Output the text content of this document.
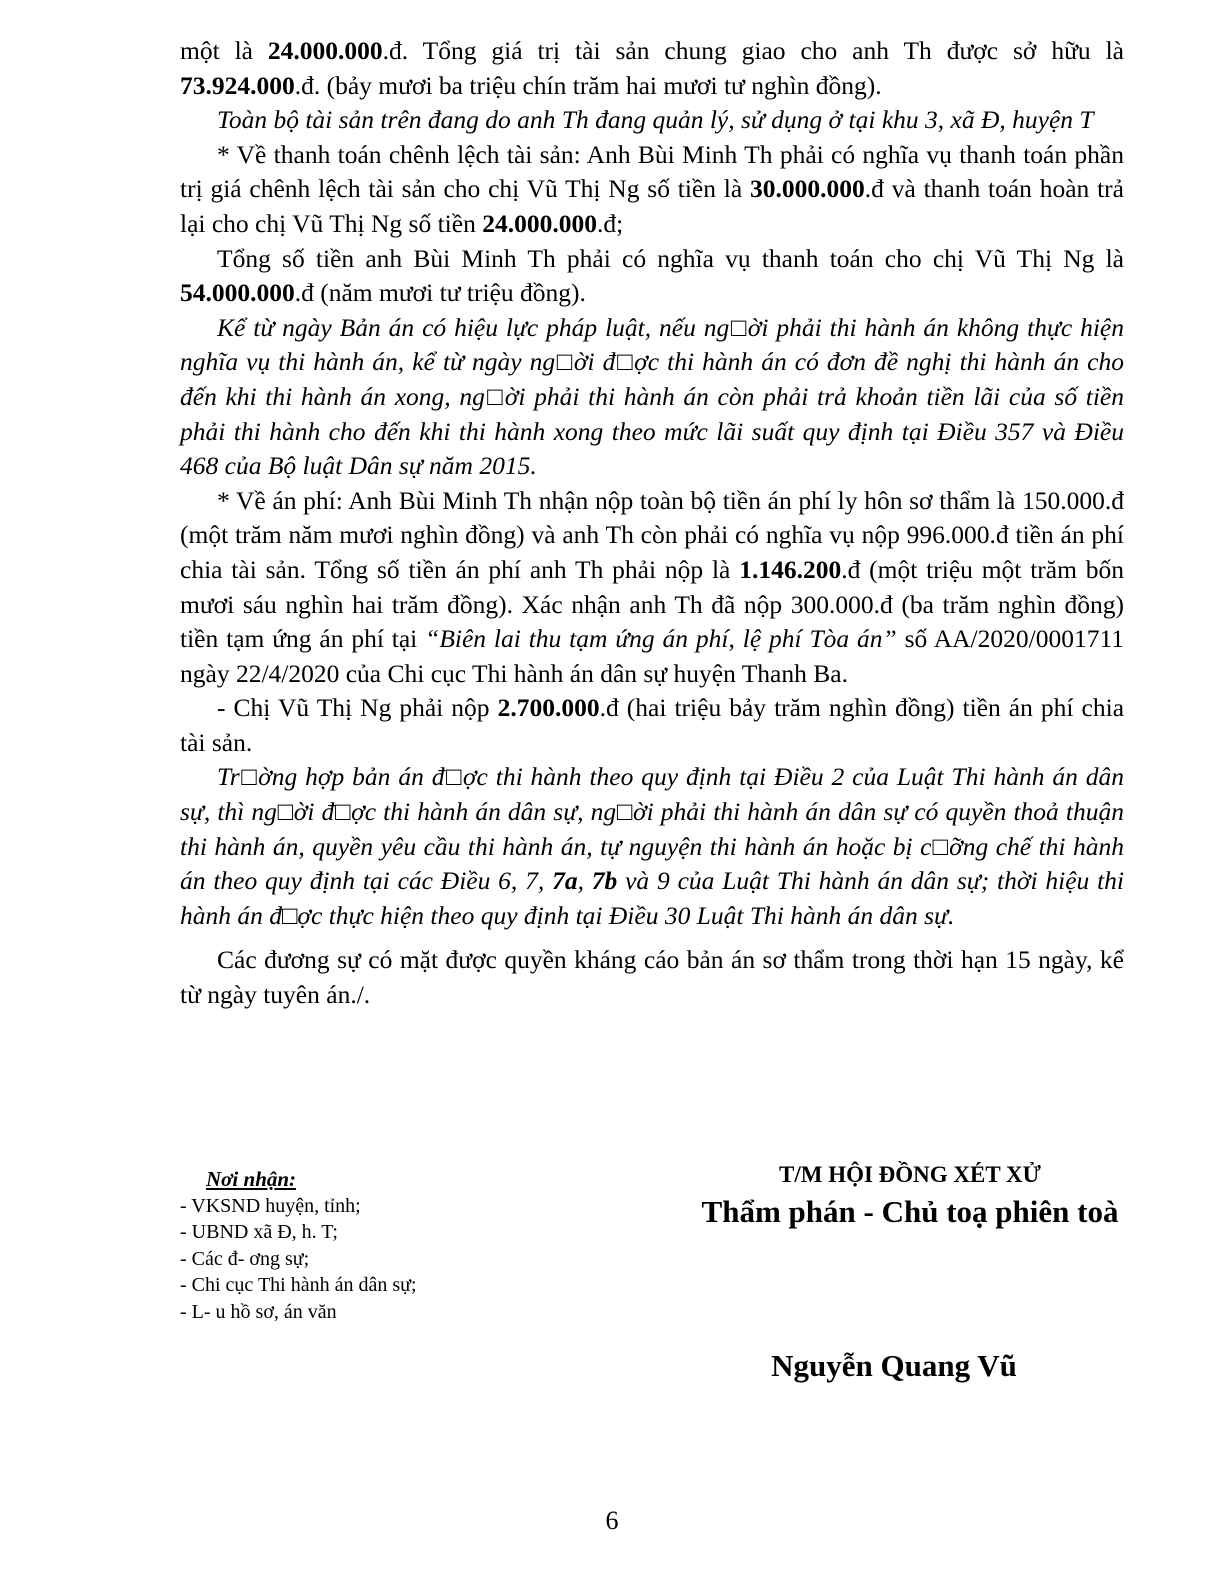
một là 24.000.000.đ. Tổng giá trị tài sản chung giao cho anh Th được sở hữu là 73.924.000.đ. (bảy mươi ba triệu chín trăm hai mươi tư nghìn đồng).

Toàn bộ tài sản trên đang do anh Th đang quản lý, sử dụng ở tại khu 3, xã Đ, huyện T

* Về thanh toán chênh lệch tài sản: Anh Bùi Minh Th phải có nghĩa vụ thanh toán phần trị giá chênh lệch tài sản cho chị Vũ Thị Ng số tiền là 30.000.000.đ và thanh toán hoàn trả lại cho chị Vũ Thị Ng số tiền 24.000.000.đ;

Tổng số tiền anh Bùi Minh Th phải có nghĩa vụ thanh toán cho chị Vũ Thị Ng là 54.000.000.đ (năm mươi tư triệu đồng).

Kể từ ngày Bản án có hiệu lực pháp luật, nếu ng□ời phải thi hành án không thực hiện nghĩa vụ thi hành án, kể từ ngày ng□ời đ□ợc thi hành án có đơn đề nghị thi hành án cho đến khi thi hành án xong, ng□ời phải thi hành án còn phải trả khoản tiền lãi của số tiền phải thi hành cho đến khi thi hành xong theo mức lãi suất quy định tại Điều 357 và Điều 468 của Bộ luật Dân sự năm 2015.

* Về án phí: Anh Bùi Minh Th nhận nộp toàn bộ tiền án phí ly hôn sơ thẩm là 150.000.đ (một trăm năm mươi nghìn đồng) và anh Th còn phải có nghĩa vụ nộp 996.000.đ tiền án phí chia tài sản. Tổng số tiền án phí anh Th phải nộp là 1.146.200.đ (một triệu một trăm bốn mươi sáu nghìn hai trăm đồng). Xác nhận anh Th đã nộp 300.000.đ (ba trăm nghìn đồng) tiền tạm ứng án phí tại “Biên lai thu tạm ứng án phí, lệ phí Tòa án” số AA/2020/0001711 ngày 22/4/2020 của Chi cục Thi hành án dân sự huyện Thanh Ba.

- Chị Vũ Thị Ng phải nộp 2.700.000.đ (hai triệu bảy trăm nghìn đồng) tiền án phí chia tài sản.

Tr□ờng hợp bản án đ□ợc thi hành theo quy định tại Điều 2 của Luật Thi hành án dân sự, thì ng□ời đ□ợc thi hành án dân sự, ng□ời phải thi hành án dân sự có quyền thoả thuận thi hành án, quyền yêu cầu thi hành án, tự nguyện thi hành án hoặc bị c□ỡng chế thi hành án theo quy định tại các Điều 6, 7, 7a, 7b và 9 của Luật Thi hành án dân sự; thời hiệu thi hành án đ□ợc thực hiện theo quy định tại Điều 30 Luật Thi hành án dân sự.

Các đương sự có mặt được quyền kháng cáo bản án sơ thẩm trong thời hạn 15 ngày, kể từ ngày tuyên án./.

Nơi nhận:
- VKSND huyện, tỉnh;
- UBND xã Đ, h. T;
- Các đ- ơng sự;
- Chi cục Thi hành án dân sự;
- L- u hồ sơ, án văn
T/M HỘI ĐỒNG XÉT XỬ
Thẩm phán - Chủ toạ phiên toà
Nguyễn Quang Vũ
6
